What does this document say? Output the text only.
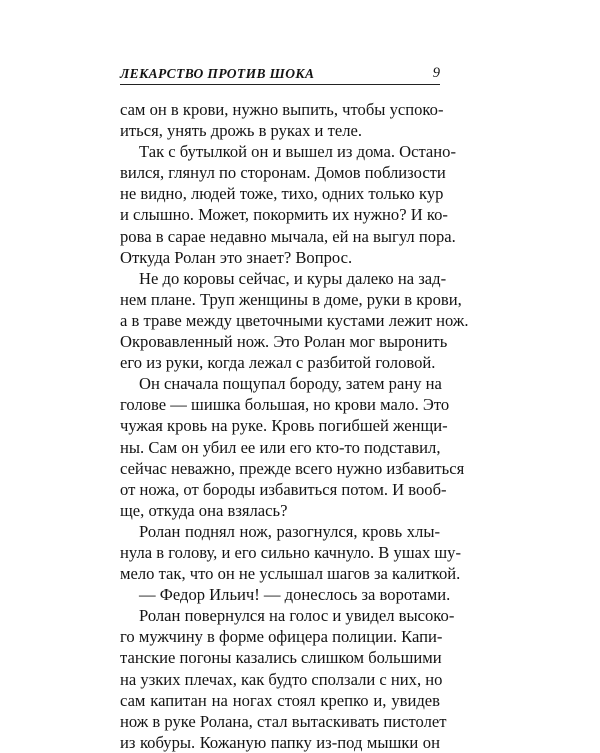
ЛЕКАРСТВО ПРОТИВ ШОКА	9
сам он в крови, нужно выпить, чтобы успоко-
иться, унять дрожь в руках и теле.
Так с бутылкой он и вышел из дома. Остано-
вился, глянул по сторонам. Домов поблизости
не видно, людей тоже, тихо, одних только кур
и слышно. Может, покормить их нужно? И ко-
рова в сарае недавно мычала, ей на выгул пора.
Откуда Ролан это знает? Вопрос.
Не до коровы сейчас, и куры далеко на зад-
нем плане. Труп женщины в доме, руки в крови,
а в траве между цветочными кустами лежит нож.
Окровавленный нож. Это Ролан мог выронить
его из руки, когда лежал с разбитой головой.
Он сначала пощупал бороду, затем рану на
голове — шишка большая, но крови мало. Это
чужая кровь на руке. Кровь погибшей женщи-
ны. Сам он убил ее или его кто-то подставил,
сейчас неважно, прежде всего нужно избавиться
от ножа, от бороды избавиться потом. И вооб-
ще, откуда она взялась?
Ролан поднял нож, разогнулся, кровь хлы-
нула в голову, и его сильно качнуло. В ушах шу-
мело так, что он не услышал шагов за калиткой.
— Федор Ильич! — донеслось за воротами.
Ролан повернулся на голос и увидел высоко-
го мужчину в форме офицера полиции. Капи-
танские погоны казались слишком большими
на узких плечах, как будто сползали с них, но
сам капитан на ногах стоял крепко и, увидев
нож в руке Ролана, стал вытаскивать пистолет
из кобуры. Кожаную папку из-под мышки он
